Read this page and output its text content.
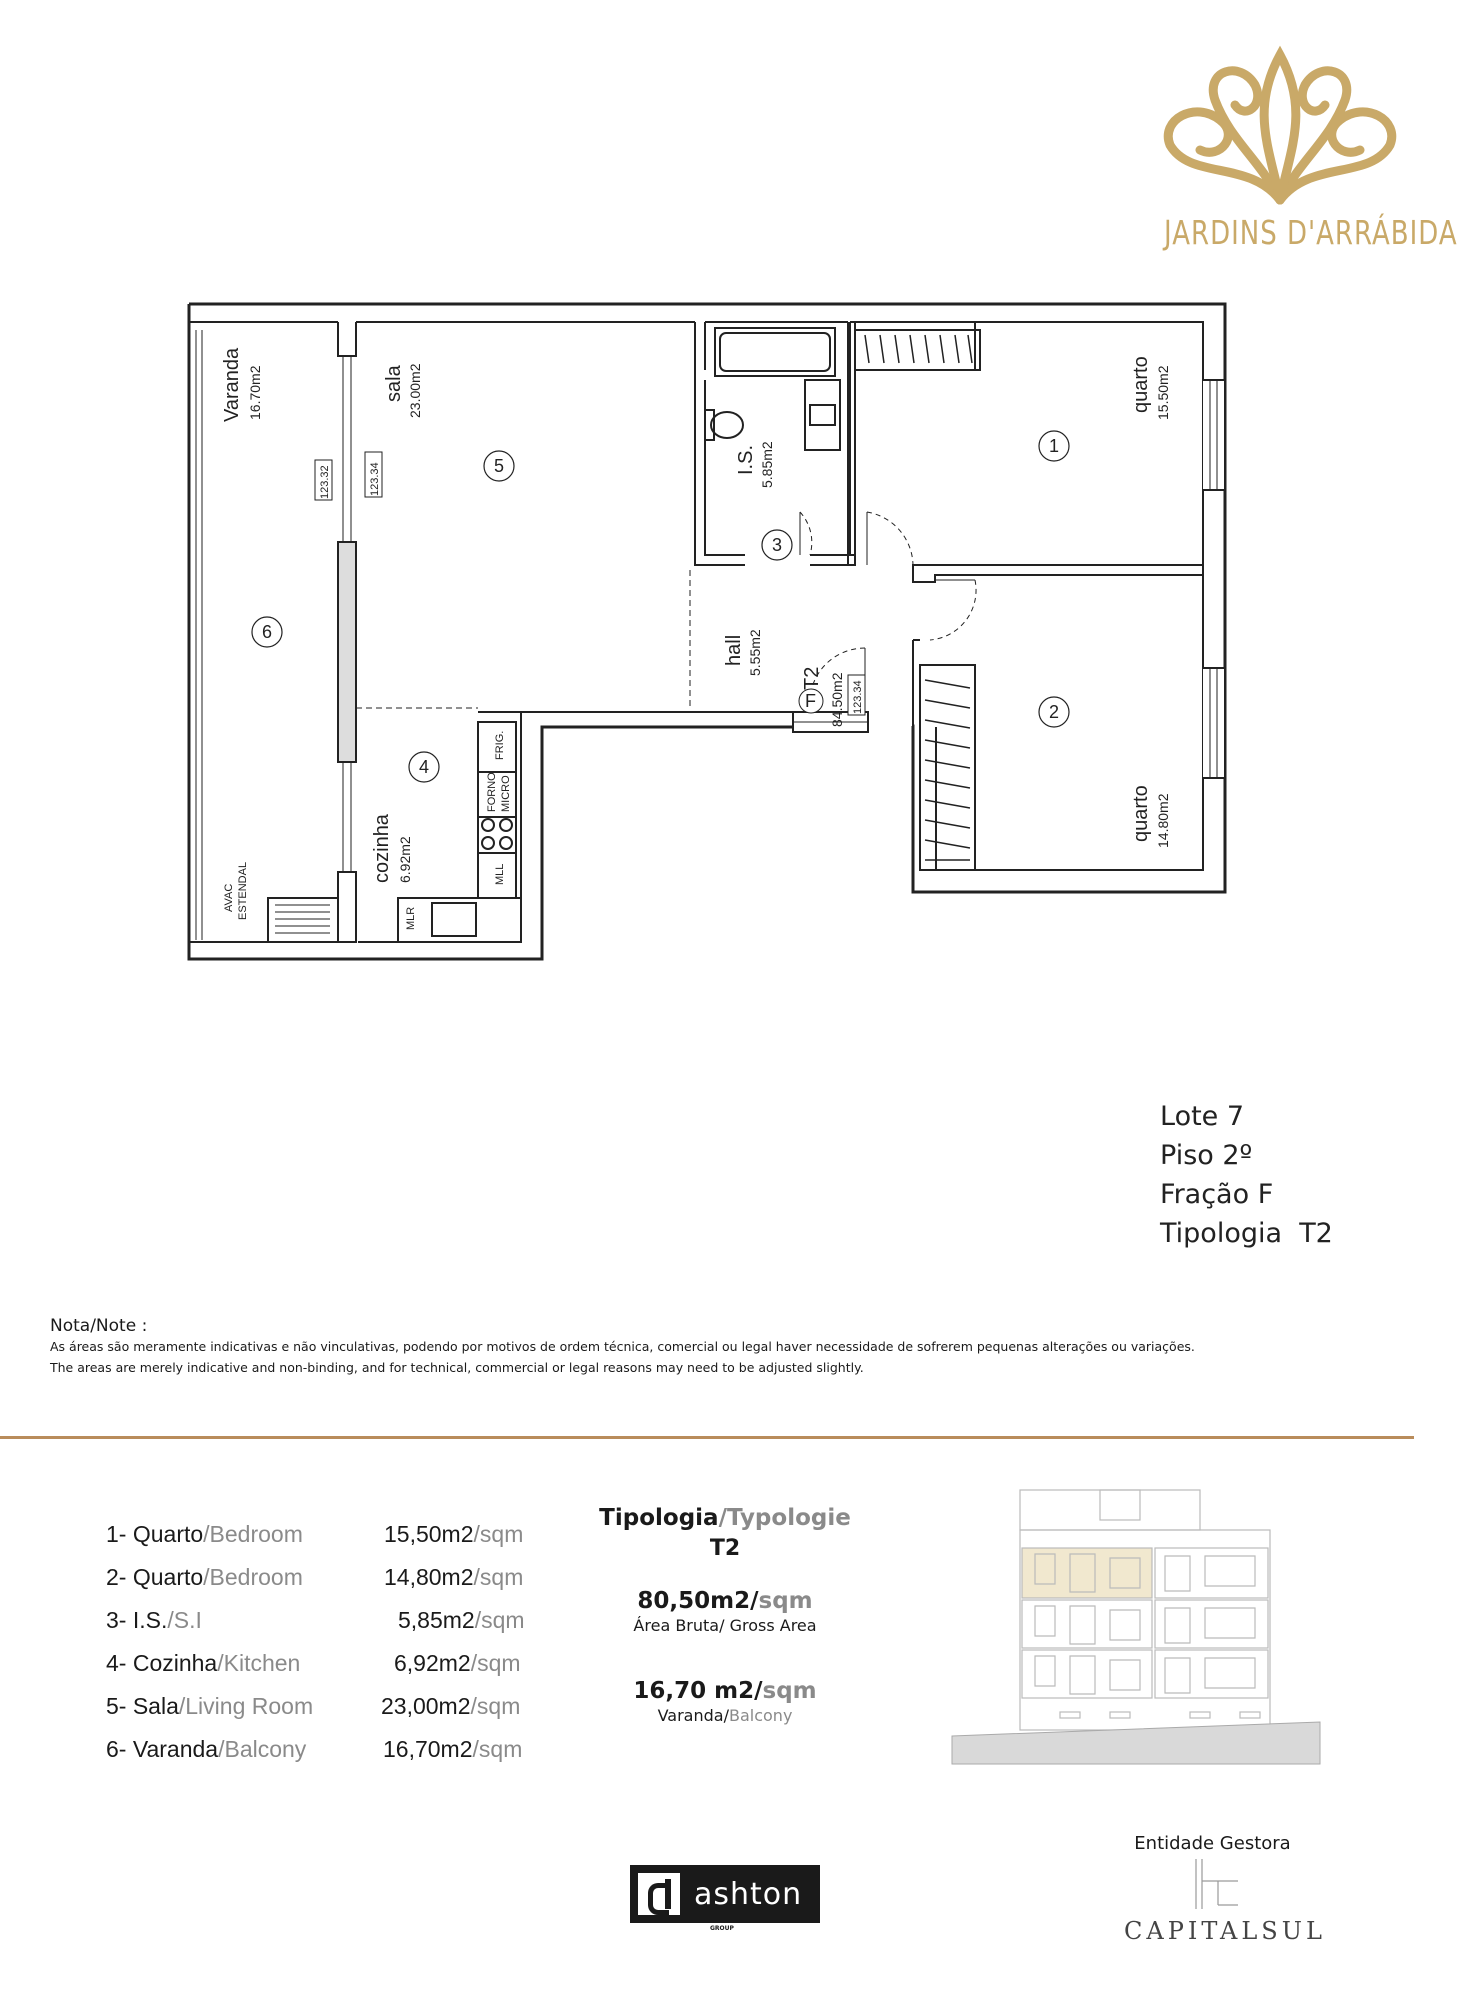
JARDINS D'ARRÁBIDA
123.32	123.34
123.34
Varanda 16.70m2	sala 23.00m2
I.S. 5.85m2
quarto 15.50m2
quarto 14.80m2
hall 5.55m2
cozinha 6.92m2
F
T2 84.50m2
1
2
3
4
5
6
FRIG.
FORNO MICRO
MLL
MLR
AVAC ESTENDAL
Lote 7
Piso 2º
Fração F
Tipologia  T2
Nota/Note :
As áreas são meramente indicativas e não vinculativas, podendo por motivos de ordem técnica, comercial ou legal haver necessidade de sofrerem pequenas alterações ou variações.
The areas are merely indicative and non-binding, and for technical, commercial or legal reasons may need to be adjusted slightly.
1- Quarto/Bedroom	15,50m2/sqm
2- Quarto/Bedroom	14,80m2/sqm
3- I.S./S.I	5,85m2/sqm
4- Cozinha/Kitchen	6,92m2/sqm
5- Sala/Living Room	23,00m2/sqm
6- Varanda/Balcony	16,70m2/sqm
Tipologia/Typologie
T2
80,50m2/sqm
Área Bruta/ Gross Area
16,70 m2/sqm
Varanda/Balcony
ashton
GROUP
Entidade Gestora
CAPITALSUL
